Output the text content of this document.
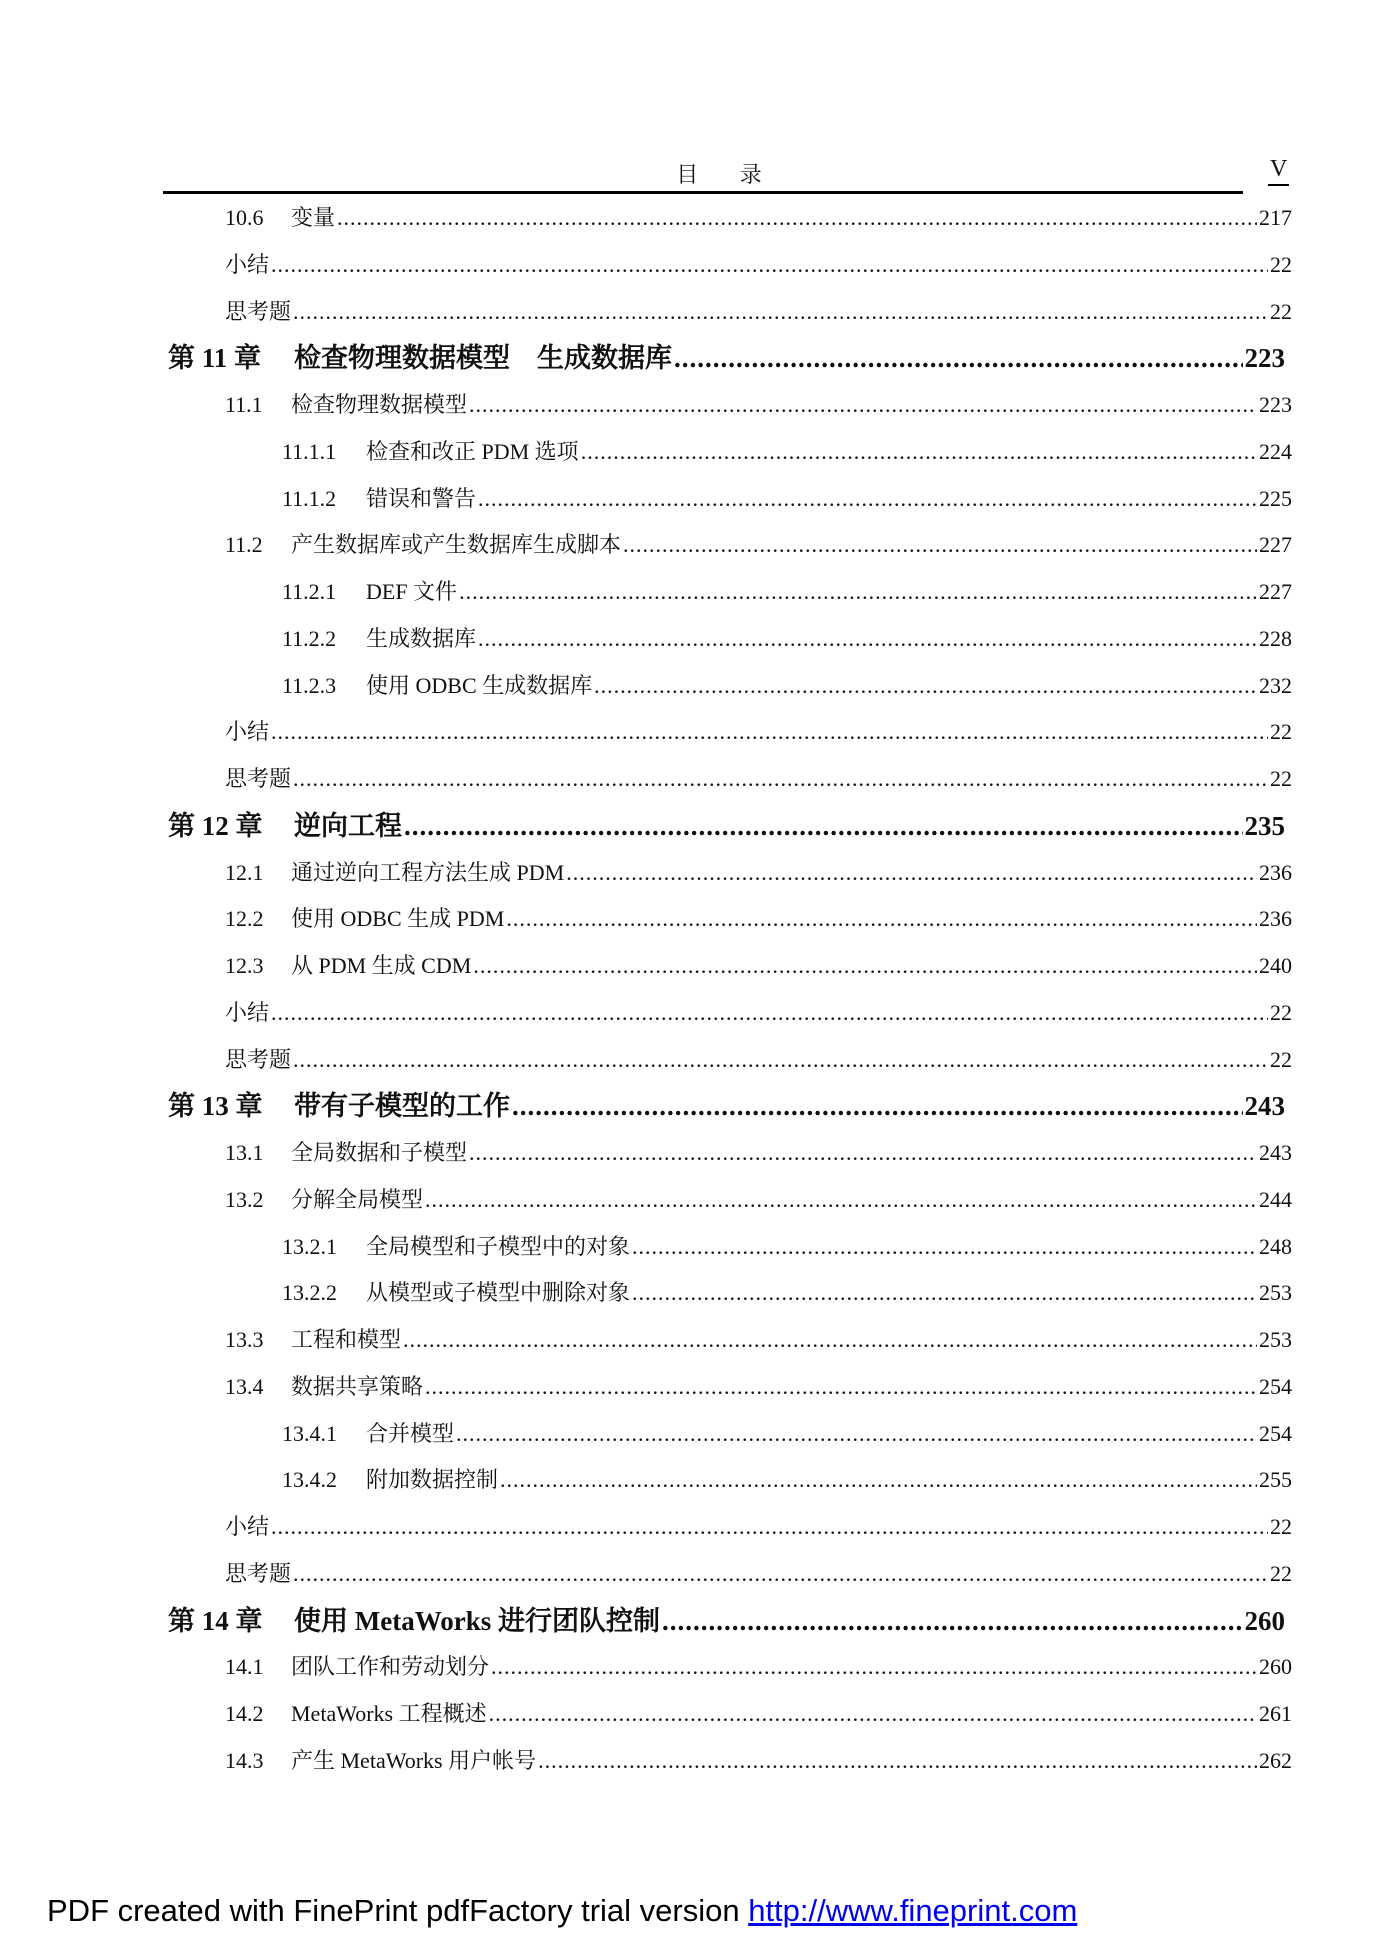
目 录	V
10.6	变量 .....	217
小结 .....	22
思考题 .....	22
第 11 章	检查物理数据模型　生成数据库 .....	223
11.1	检查物理数据模型 .....	223
11.1.1	检查和改正 PDM 选项 .....	224
11.1.2	错误和警告 .....	225
11.2	产生数据库或产生数据库生成脚本 .....	227
11.2.1	DEF 文件 .....	227
11.2.2	生成数据库 .....	228
11.2.3	使用 ODBC 生成数据库 .....	232
小结 .....	22
思考题 .....	22
第 12 章	逆向工程 .....	235
12.1	通过逆向工程方法生成 PDM .....	236
12.2	使用 ODBC 生成 PDM .....	236
12.3	从 PDM 生成 CDM .....	240
小结 .....	22
思考题 .....	22
第 13 章	带有子模型的工作 .....	243
13.1	全局数据和子模型 .....	243
13.2	分解全局模型 .....	244
13.2.1	全局模型和子模型中的对象 .....	248
13.2.2	从模型或子模型中删除对象 .....	253
13.3	工程和模型 .....	253
13.4	数据共享策略 .....	254
13.4.1	合并模型 .....	254
13.4.2	附加数据控制 .....	255
小结 .....	22
思考题 .....	22
第 14 章	使用 MetaWorks 进行团队控制 .....	260
14.1	团队工作和劳动划分 .....	260
14.2	MetaWorks 工程概述 .....	261
14.3	产生 MetaWorks 用户帐号 .....	262
PDF created with FinePrint pdfFactory trial version http://www.fineprint.com
